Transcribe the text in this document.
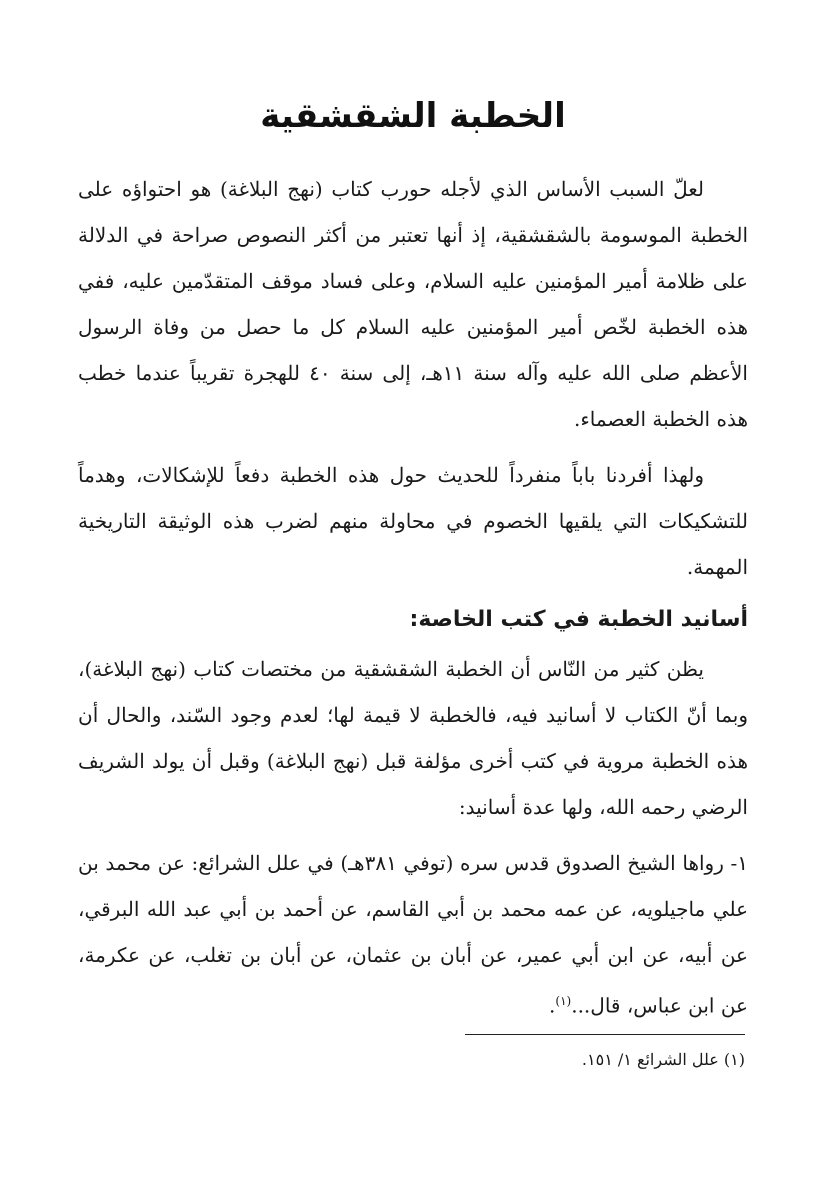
الخطبة الشقشقية

لعلّ السبب الأساس الذي لأجله حورب كتاب (نهج البلاغة) هو احتواؤه على الخطبة الموسومة بالشقشقية، إذ أنها تعتبر من أكثر النصوص صراحة في الدلالة على ظلامة أمير المؤمنين عليه السلام، وعلى فساد موقف المتقدّمين عليه، ففي هذه الخطبة لخّص أمير المؤمنين عليه السلام كل ما حصل من وفاة الرسول الأعظم صلى الله عليه وآله سنة ١١هـ، إلى سنة ٤٠ للهجرة تقريباً عندما خطب هذه الخطبة العصماء.

ولهذا أفردنا باباً منفرداً للحديث حول هذه الخطبة دفعاً للإشكالات، وهدماً للتشكيكات التي يلقيها الخصوم في محاولة منهم لضرب هذه الوثيقة التاريخية المهمة.

أسانيد الخطبة في كتب الخاصة:

يظن كثير من النّاس أن الخطبة الشقشقية من مختصات كتاب (نهج البلاغة)، وبما أنّ الكتاب لا أسانيد فيه، فالخطبة لا قيمة لها؛ لعدم وجود السّند، والحال أن هذه الخطبة مروية في كتب أخرى مؤلفة قبل (نهج البلاغة) وقبل أن يولد الشريف الرضي رحمه الله، ولها عدة أسانيد:

١- رواها الشيخ الصدوق قدس سره (توفي ٣٨١هـ) في علل الشرائع: عن محمد بن علي ماجيلويه، عن عمه محمد بن أبي القاسم، عن أحمد بن أبي عبد الله البرقي، عن أبيه، عن ابن أبي عمير، عن أبان بن عثمان، عن أبان بن تغلب، عن عكرمة، عن ابن عباس، قال...$^{(١)}$.

(١) علل الشرائع ١/ ١٥١.
